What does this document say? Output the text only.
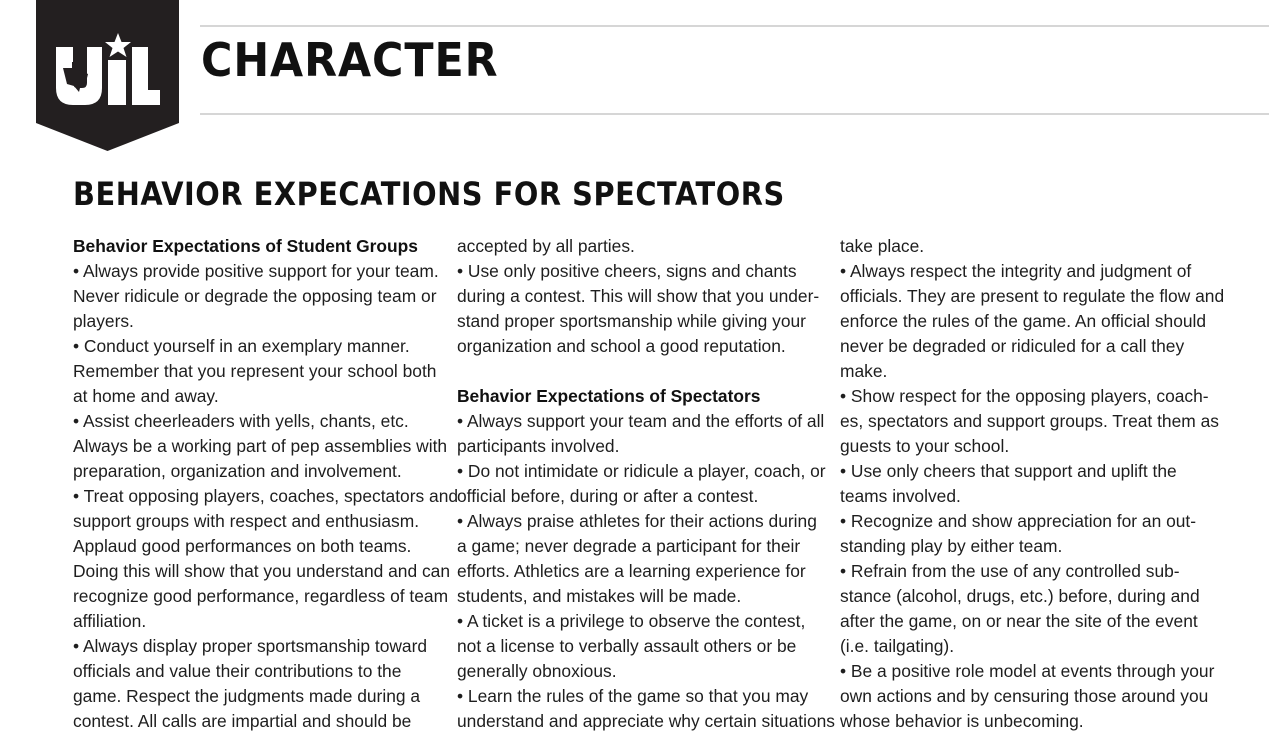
CHARACTER
BEHAVIOR EXPECATIONS FOR SPECTATORS
Behavior Expectations of Student Groups
• Always provide positive support for your team.
Never ridicule or degrade the opposing team or
players.
• Conduct yourself in an exemplary manner.
Remember that you represent your school both
at home and away.
• Assist cheerleaders with yells, chants, etc.
Always be a working part of pep assemblies with
preparation, organization and involvement.
• Treat opposing players, coaches, spectators and
support groups with respect and enthusiasm.
Applaud good performances on both teams.
Doing this will show that you understand and can
recognize good performance, regardless of team
affiliation.
• Always display proper sportsmanship toward
officials and value their contributions to the
game. Respect the judgments made during a
contest. All calls are impartial and should be
accepted by all parties.
• Use only positive cheers, signs and chants
during a contest. This will show that you under-
stand proper sportsmanship while giving your
organization and school a good reputation.
Behavior Expectations of Spectators
• Always support your team and the efforts of all
participants involved.
• Do not intimidate or ridicule a player, coach, or
official before, during or after a contest.
• Always praise athletes for their actions during
a game; never degrade a participant for their
efforts. Athletics are a learning experience for
students, and mistakes will be made.
• A ticket is a privilege to observe the contest,
not a license to verbally assault others or be
generally obnoxious.
• Learn the rules of the game so that you may
understand and appreciate why certain situations
take place.
• Always respect the integrity and judgment of
officials. They are present to regulate the flow and
enforce the rules of the game. An official should
never be degraded or ridiculed for a call they
make.
• Show respect for the opposing players, coach-
es, spectators and support groups. Treat them as
guests to your school.
• Use only cheers that support and uplift the
teams involved.
• Recognize and show appreciation for an out-
standing play by either team.
• Refrain from the use of any controlled sub-
stance (alcohol, drugs, etc.) before, during and
after the game, on or near the site of the event
(i.e. tailgating).
• Be a positive role model at events through your
own actions and by censuring those around you
whose behavior is unbecoming.
